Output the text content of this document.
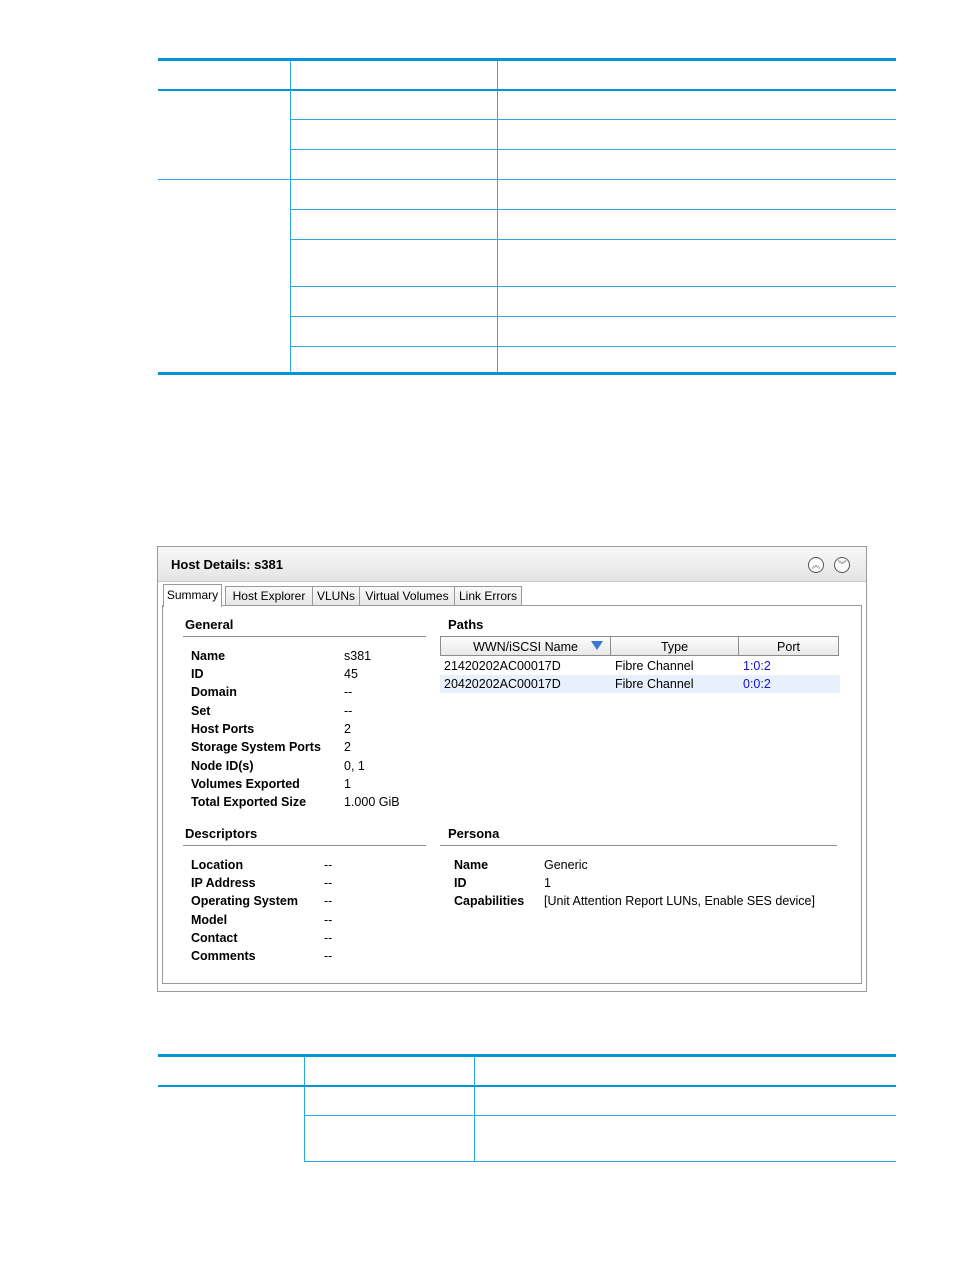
Host Details: s381	︽	︾
Summary	Host Explorer VLUNs Virtual Volumes Link Errors
General
Name	s381
ID	45
Domain	--
Set	--
Host Ports	2
Storage System Ports 2
Node ID(s)	0, 1
Volumes Exported	1
Total Exported Size	1.000 GiB
Paths
WWN/iSCSI Name	Type	Port
21420202AC00017D	Fibre Channel	1:0:2
20420202AC00017D	Fibre Channel	0:0:2
Descriptors
Location	--
IP Address	--
Operating System --
Model	--
Contact	--
Comments	--
Persona
Name	Generic
ID	1
Capabilities [Unit Attention Report LUNs, Enable SES device]
